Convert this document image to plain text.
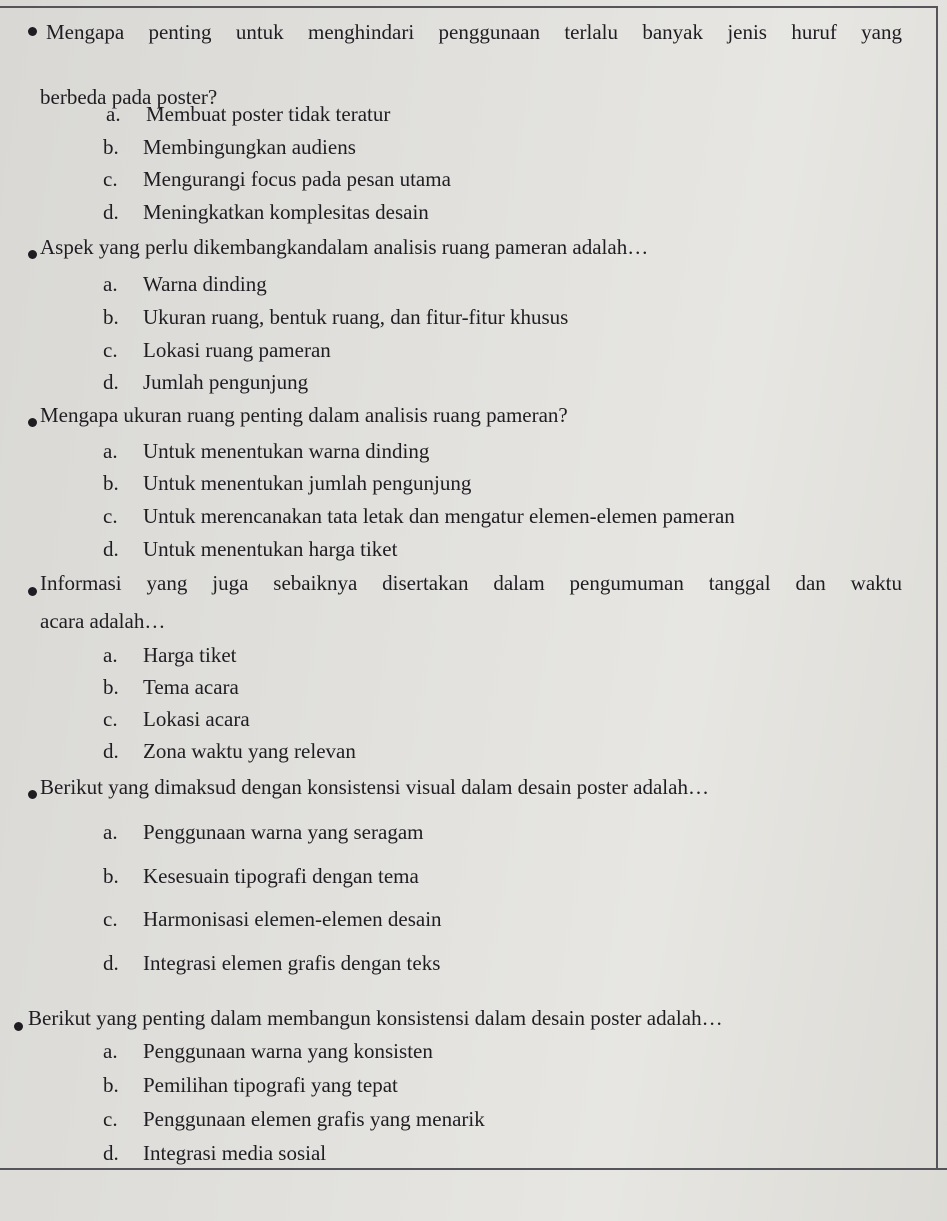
Mengapa penting untuk menghindari penggunaan terlalu banyak jenis huruf yang
berbeda pada poster?
a. Membuat poster tidak teratur
b. Membingungkan audiens
c. Mengurangi focus pada pesan utama
d. Meningkatkan komplesitas desain
Aspek yang perlu dikembangkandalam analisis ruang pameran adalah…
a. Warna dinding
b. Ukuran ruang, bentuk ruang, dan fitur-fitur khusus
c. Lokasi ruang pameran
d. Jumlah pengunjung
Mengapa ukuran ruang penting dalam analisis ruang pameran?
a. Untuk menentukan warna dinding
b. Untuk menentukan jumlah pengunjung
c. Untuk merencanakan tata letak dan mengatur elemen-elemen pameran
d. Untuk menentukan harga tiket
Informasi yang juga sebaiknya disertakan dalam pengumuman tanggal dan waktu
acara adalah…
a. Harga tiket
b. Tema acara
c. Lokasi acara
d. Zona waktu yang relevan
Berikut yang dimaksud dengan konsistensi visual dalam desain poster adalah…
a. Penggunaan warna yang seragam
b. Kesesuain tipografi dengan tema
c. Harmonisasi elemen-elemen desain
d. Integrasi elemen grafis dengan teks
Berikut yang penting dalam membangun konsistensi dalam desain poster adalah…
a. Penggunaan warna yang konsisten
b. Pemilihan tipografi yang tepat
c. Penggunaan elemen grafis yang menarik
d. Integrasi media sosial
